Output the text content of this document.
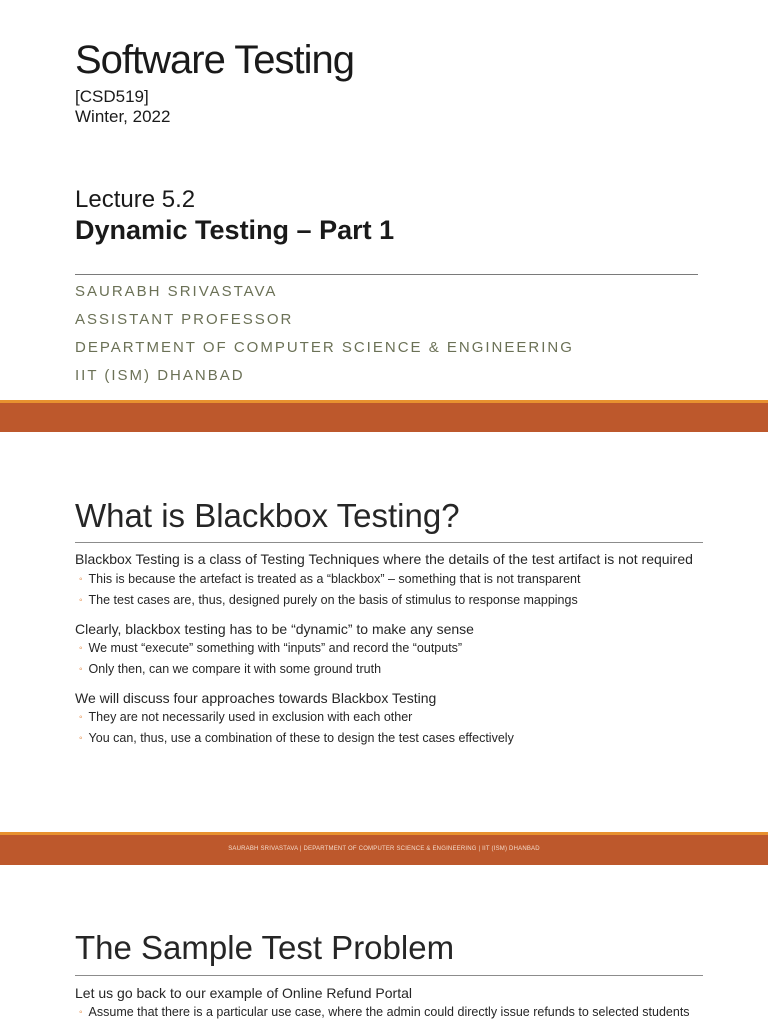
Software Testing
[CSD519]
Winter, 2022
Lecture 5.2
Dynamic Testing – Part 1
SAURABH SRIVASTAVA
ASSISTANT PROFESSOR
DEPARTMENT OF COMPUTER SCIENCE & ENGINEERING
IIT (ISM) DHANBAD
What is Blackbox Testing?
Blackbox Testing is a class of Testing Techniques where the details of the test artifact is not required
◦ This is because the artefact is treated as a “blackbox” – something that is not transparent
◦ The test cases are, thus, designed purely on the basis of stimulus to response mappings
Clearly, blackbox testing has to be “dynamic” to make any sense
◦ We must “execute” something with “inputs” and record the “outputs”
◦ Only then, can we compare it with some ground truth
We will discuss four approaches towards Blackbox Testing
◦ They are not necessarily used in exclusion with each other
◦ You can, thus, use a combination of these to design the test cases effectively
SAURABH SRIVASTAVA | DEPARTMENT OF COMPUTER SCIENCE & ENGINEERING | IIT (ISM) DHANBAD
The Sample Test Problem
Let us go back to our example of Online Refund Portal
◦ Assume that there is a particular use case, where the admin could directly issue refunds to selected students
